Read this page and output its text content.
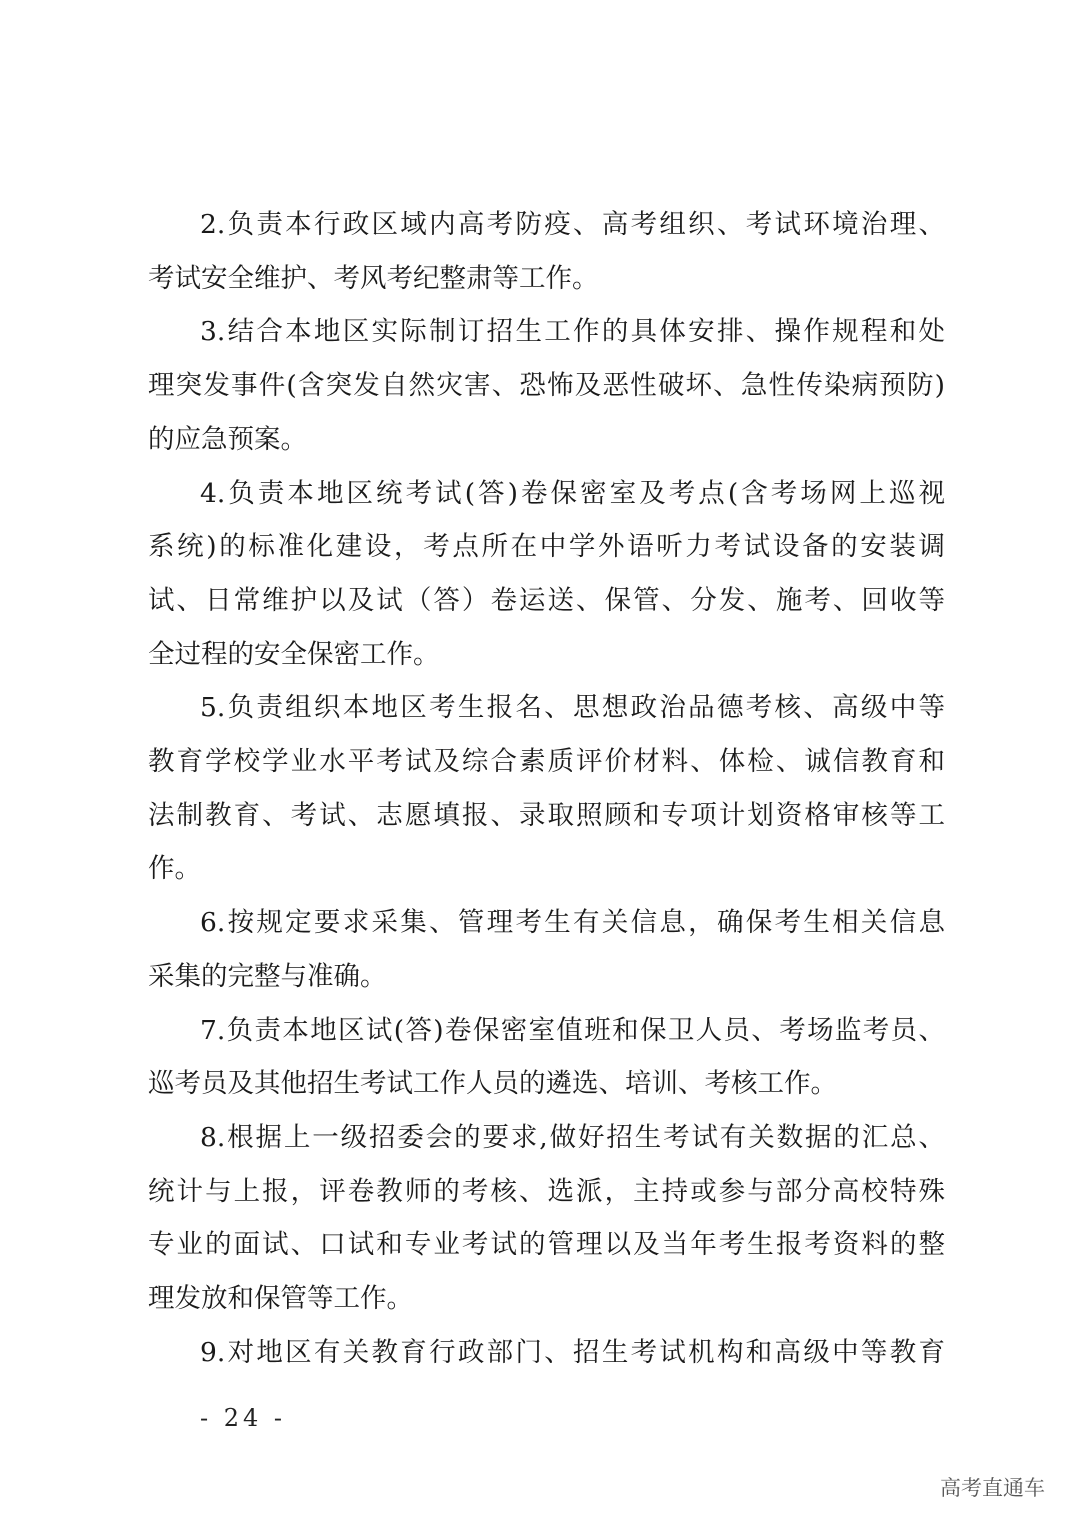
2.负责本行政区域内高考防疫、高考组织、考试环境治理、
考试安全维护、考风考纪整肃等工作。
3.结合本地区实际制订招生工作的具体安排、操作规程和处
理突发事件(含突发自然灾害、恐怖及恶性破坏、急性传染病预防)
的应急预案。
4.负责本地区统考试(答)卷保密室及考点(含考场网上巡视
系统)的标准化建设，考点所在中学外语听力考试设备的安装调
试、日常维护以及试（答）卷运送、保管、分发、施考、回收等
全过程的安全保密工作。
5.负责组织本地区考生报名、思想政治品德考核、高级中等
教育学校学业水平考试及综合素质评价材料、体检、诚信教育和
法制教育、考试、志愿填报、录取照顾和专项计划资格审核等工
作。
6.按规定要求采集、管理考生有关信息，确保考生相关信息
采集的完整与准确。
7.负责本地区试(答)卷保密室值班和保卫人员、考场监考员、
巡考员及其他招生考试工作人员的遴选、培训、考核工作。
8.根据上一级招委会的要求,做好招生考试有关数据的汇总、
统计与上报，评卷教师的考核、选派，主持或参与部分高校特殊
专业的面试、口试和专业考试的管理以及当年考生报考资料的整
理发放和保管等工作。
9.对地区有关教育行政部门、招生考试机构和高级中等教育
- 24 -
高考直通车
